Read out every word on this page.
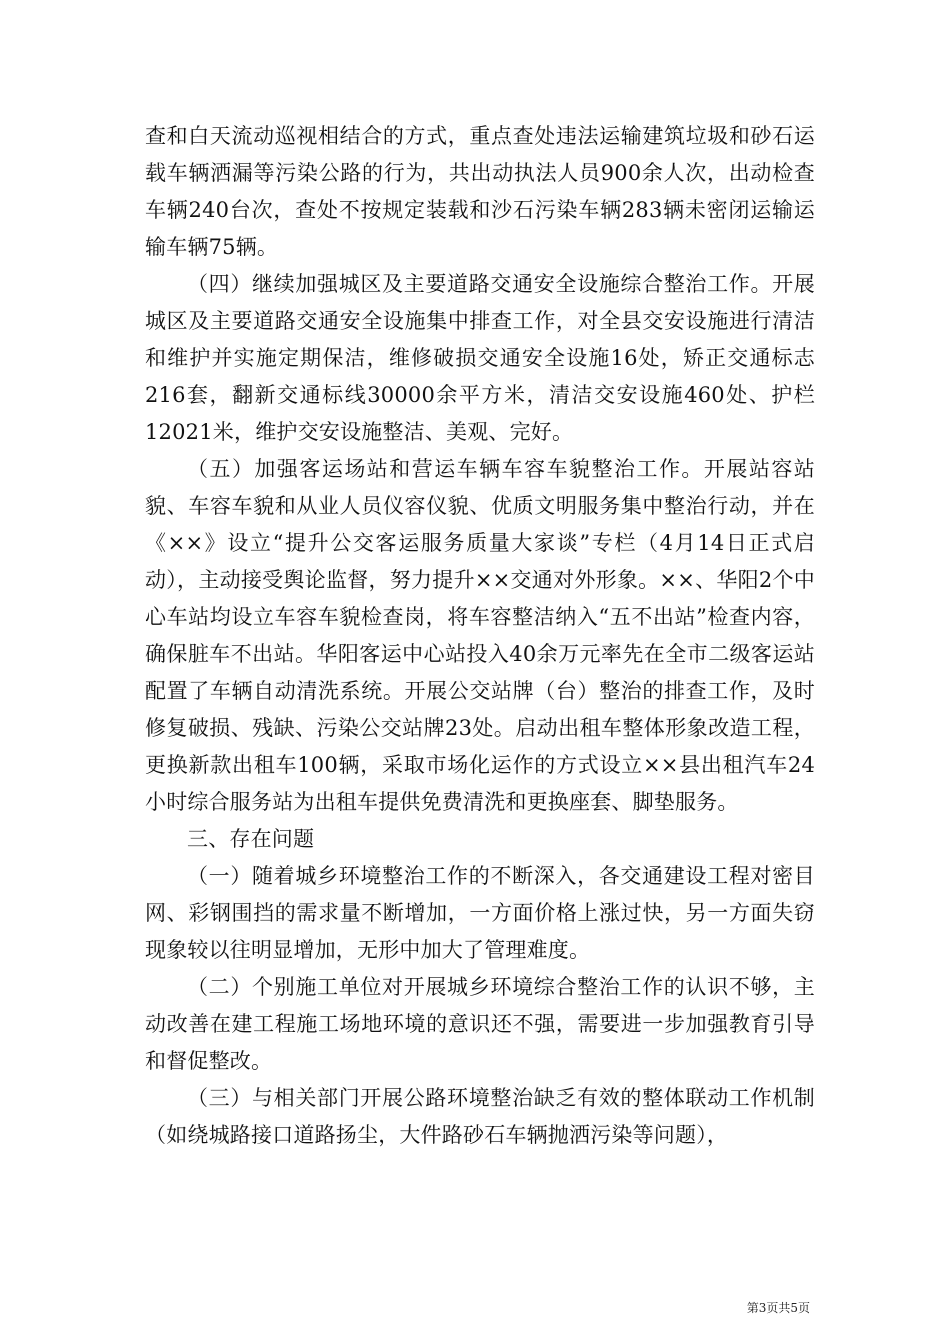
查和白天流动巡视相结合的方式，重点查处违法运输建筑垃圾和砂石运载车辆洒漏等污染公路的行为，共出动执法人员900余人次，出动检查车辆240台次，查处不按规定装载和沙石污染车辆283辆未密闭运输运输车辆75辆。

（四）继续加强城区及主要道路交通安全设施综合整治工作。开展城区及主要道路交通安全设施集中排查工作，对全县交安设施进行清洁和维护并实施定期保洁，维修破损交通安全设施16处，矫正交通标志216套，翻新交通标线30000余平方米，清洁交安设施460处、护栏12021米，维护交安设施整洁、美观、完好。

（五）加强客运场站和营运车辆车容车貌整治工作。开展站容站貌、车容车貌和从业人员仪容仪貌、优质文明服务集中整治行动，并在《××》设立“提升公交客运服务质量大家谈”专栏（4月14日正式启动），主动接受舆论监督，努力提升××交通对外形象。××、华阳2个中心车站均设立车容车貌检查岗，将车容整洁纳入“五不出站”检查内容，确保脏车不出站。华阳客运中心站投入40余万元率先在全市二级客运站配置了车辆自动清洗系统。开展公交站牌（台）整治的排查工作，及时修复破损、残缺、污染公交站牌23处。启动出租车整体形象改造工程，更换新款出租车100辆，采取市场化运作的方式设立××县出租汽车24小时综合服务站为出租车提供免费清洗和更换座套、脚垫服务。

三、存在问题

（一）随着城乡环境整治工作的不断深入，各交通建设工程对密目网、彩钢围挡的需求量不断增加，一方面价格上涨过快，另一方面失窃现象较以往明显增加，无形中加大了管理难度。

（二）个别施工单位对开展城乡环境综合整治工作的认识不够，主动改善在建工程施工场地环境的意识还不强，需要进一步加强教育引导和督促整改。

（三）与相关部门开展公路环境整治缺乏有效的整体联动工作机制（如绕城路接口道路扬尘，大件路砂石车辆抛洒污染等问题），

第3页共5页
